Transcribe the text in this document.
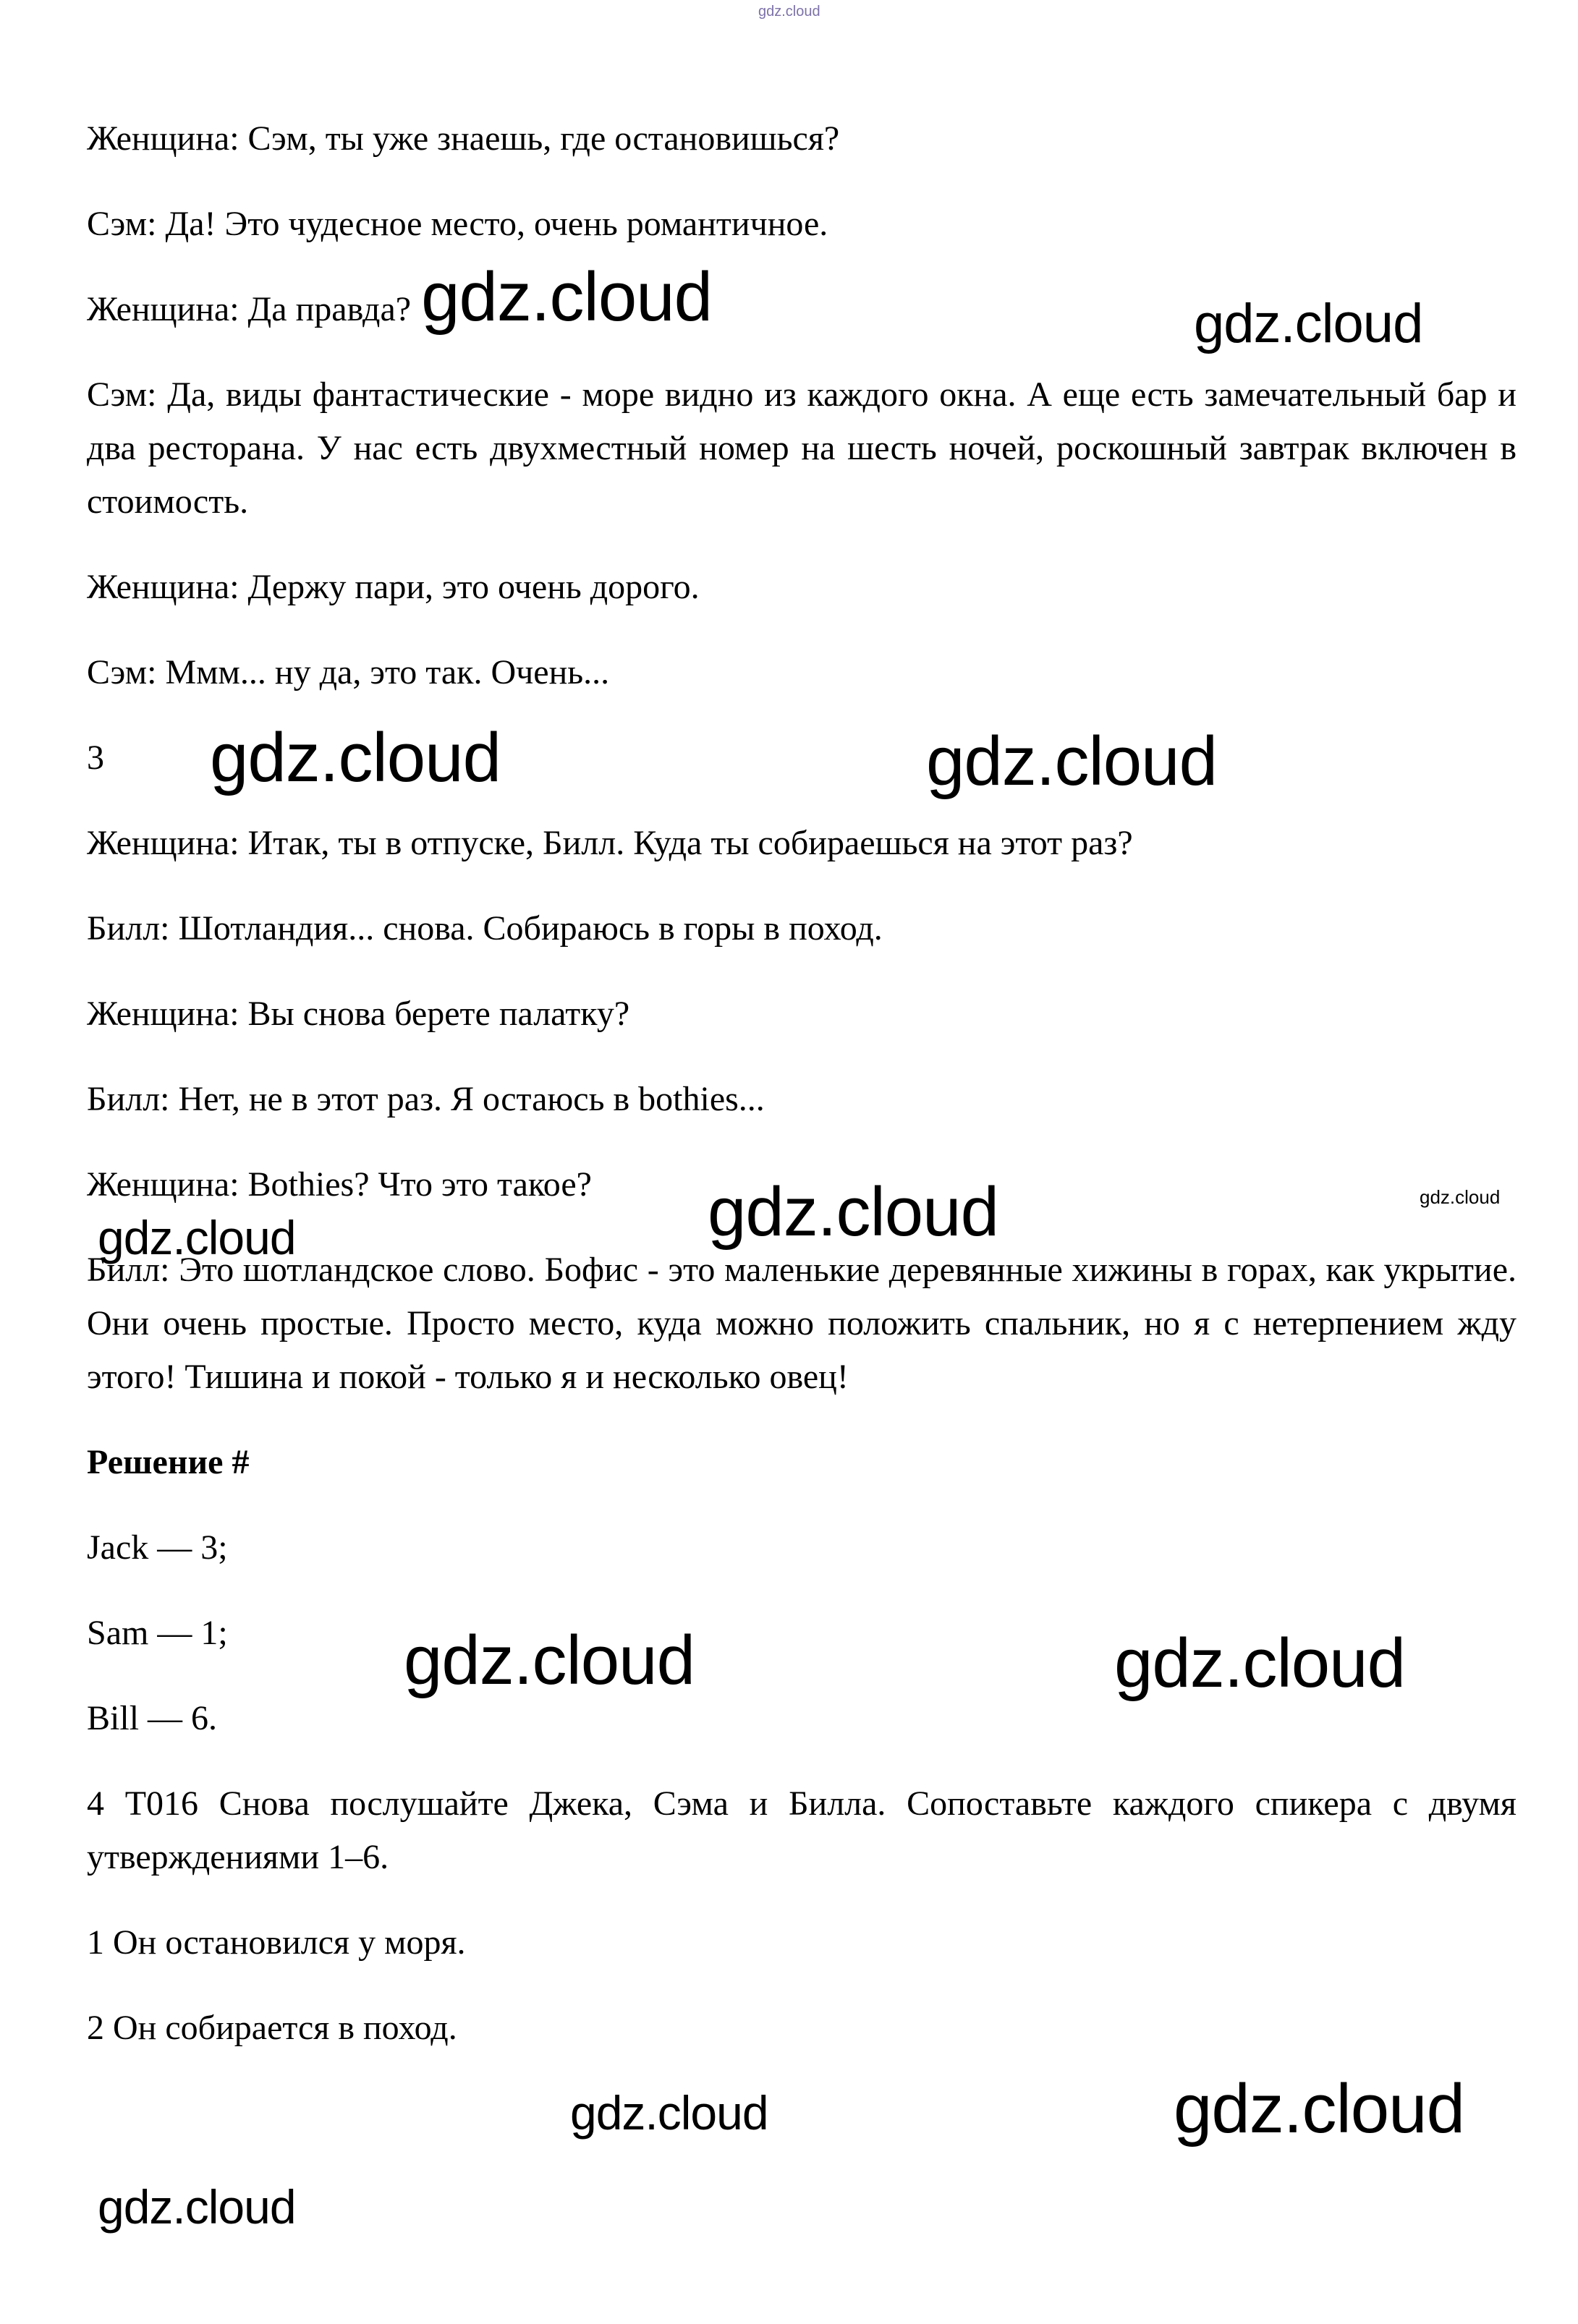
gdz.cloud
gdz.cloud
gdz.cloud	gdz.cloud
gdz.cloud
gdz.cloud
gdz.cloud
gdz.cloud	gdz.cloud
gdz.cloud	gdz.cloud
gdz.cloud

Женщина: Сэм, ты уже знаешь, где остановишься?

Сэм: Да! Это чудесное место, очень романтичное.

Женщина: Да правда? gdz.cloud

Сэм: Да, виды фантастические - море видно из каждого окна. А еще есть замечательный бар и два ресторана. У нас есть двухместный номер на шесть ночей, роскошный завтрак включен в стоимость.

Женщина: Держу пари, это очень дорого.

Сэм: Ммм... ну да, это так. Очень...

3

Женщина: Итак, ты в отпуске, Билл. Куда ты собираешься на этот раз?

Билл: Шотландия... снова. Собираюсь в горы в поход.

Женщина: Вы снова берете палатку?

Билл: Нет, не в этот раз. Я остаюсь в bothies...

Женщина: Bothies? Что это такое?

Билл: Это шотландское слово. Бофис - это маленькие деревянные хижины в горах, как укрытие. Они очень простые. Просто место, куда можно положить спальник, но я с нетерпением жду этого! Тишина и покой - только я и несколько овец!

Решение #

Jack — 3;

Sam — 1;

Bill — 6.

4 Т016 Снова послушайте Джека, Сэма и Билла. Сопоставьте каждого спикера с двумя утверждениями 1–6.

1 Он остановился у моря.

2 Он собирается в поход.
